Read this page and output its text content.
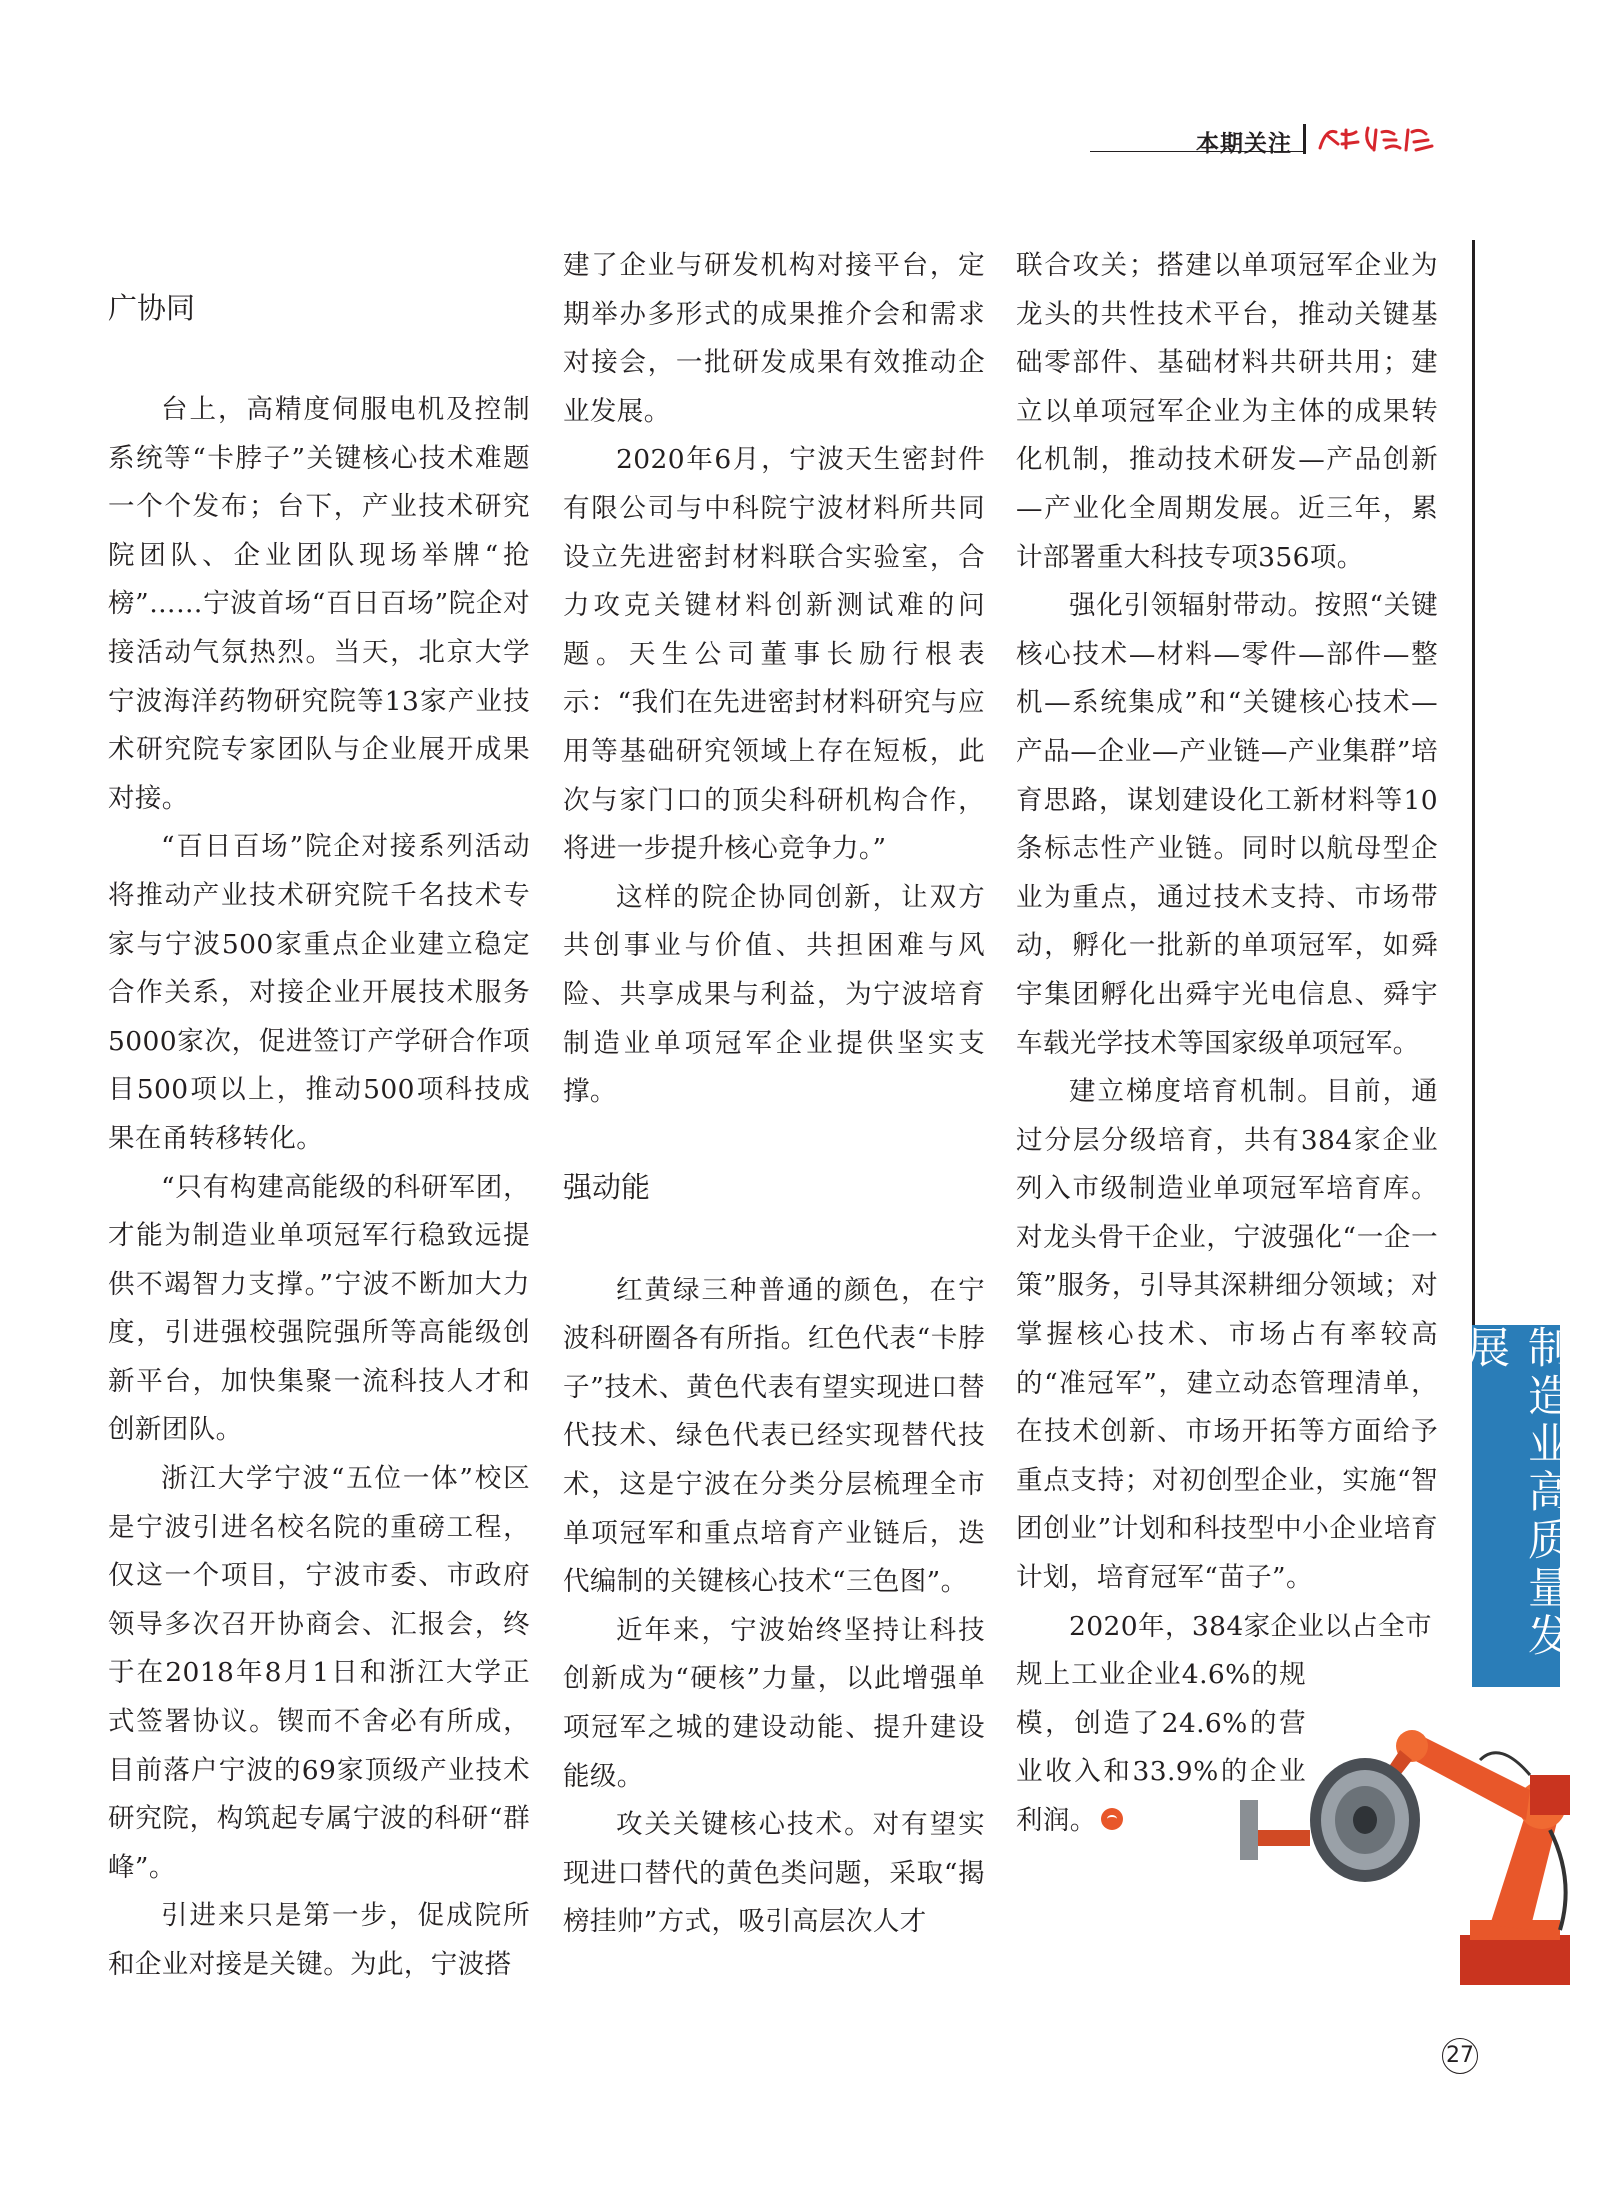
本期关注
广协同

台上，高精度伺服电机及控制系统等“卡脖子”关键核心技术难题一个个发布；台下，产业技术研究院团队、企业团队现场举牌“抢榜”……宁波首场“百日百场”院企对接活动气氛热烈。当天，北京大学宁波海洋药物研究院等13家产业技术研究院专家团队与企业展开成果对接。

“百日百场”院企对接系列活动将推动产业技术研究院千名技术专家与宁波500家重点企业建立稳定合作关系，对接企业开展技术服务5000家次，促进签订产学研合作项目500项以上，推动500项科技成果在甬转移转化。

“只有构建高能级的科研军团，才能为制造业单项冠军行稳致远提供不竭智力支撑。”宁波不断加大力度，引进强校强院强所等高能级创新平台，加快集聚一流科技人才和创新团队。

浙江大学宁波“五位一体”校区是宁波引进名校名院的重磅工程，仅这一个项目，宁波市委、市政府领导多次召开协商会、汇报会，终于在2018年8月1日和浙江大学正式签署协议。锲而不舍必有所成，目前落户宁波的69家顶级产业技术研究院，构筑起专属宁波的科研“群峰”。

引进来只是第一步，促成院所和企业对接是关键。为此，宁波搭

建了企业与研发机构对接平台，定期举办多形式的成果推介会和需求对接会，一批研发成果有效推动企业发展。

2020年6月，宁波天生密封件有限公司与中科院宁波材料所共同设立先进密封材料联合实验室，合力攻克关键材料创新测试难的问题。天生公司董事长励行根表示：“我们在先进密封材料研究与应用等基础研究领域上存在短板，此次与家门口的顶尖科研机构合作，将进一步提升核心竞争力。”

这样的院企协同创新，让双方共创事业与价值、共担困难与风险、共享成果与利益，为宁波培育制造业单项冠军企业提供坚实支撑。

强动能

红黄绿三种普通的颜色，在宁波科研圈各有所指。红色代表“卡脖子”技术、黄色代表有望实现进口替代技术、绿色代表已经实现替代技术，这是宁波在分类分层梳理全市单项冠军和重点培育产业链后，迭代编制的关键核心技术“三色图”。

近年来，宁波始终坚持让科技创新成为“硬核”力量，以此增强单项冠军之城的建设动能、提升建设能级。

攻关关键核心技术。对有望实现进口替代的黄色类问题，采取“揭榜挂帅”方式，吸引高层次人才

联合攻关；搭建以单项冠军企业为龙头的共性技术平台，推动关键基础零部件、基础材料共研共用；建立以单项冠军企业为主体的成果转化机制，推动技术研发—产品创新—产业化全周期发展。近三年，累计部署重大科技专项356项。

强化引领辐射带动。按照“关键核心技术—材料—零件—部件—整机—系统集成”和“关键核心技术—产品—企业—产业链—产业集群”培育思路，谋划建设化工新材料等10条标志性产业链。同时以航母型企业为重点，通过技术支持、市场带动，孵化一批新的单项冠军，如舜宇集团孵化出舜宇光电信息、舜宇车载光学技术等国家级单项冠军。

建立梯度培育机制。目前，通过分层分级培育，共有384家企业列入市级制造业单项冠军培育库。对龙头骨干企业，宁波强化“一企一策”服务，引导其深耕细分领域；对掌握核心技术、市场占有率较高的“准冠军”，建立动态管理清单，在技术创新、市场开拓等方面给予重点支持；对初创型企业，实施“智团创业”计划和科技型中小企业培育计划，培育冠军“苗子”。

2020年，384家企业以占全市

规上工业企业4.6%的规模，创造了24.6%的营业收入和33.9%的企业利润。

制造业高质量发展
27
